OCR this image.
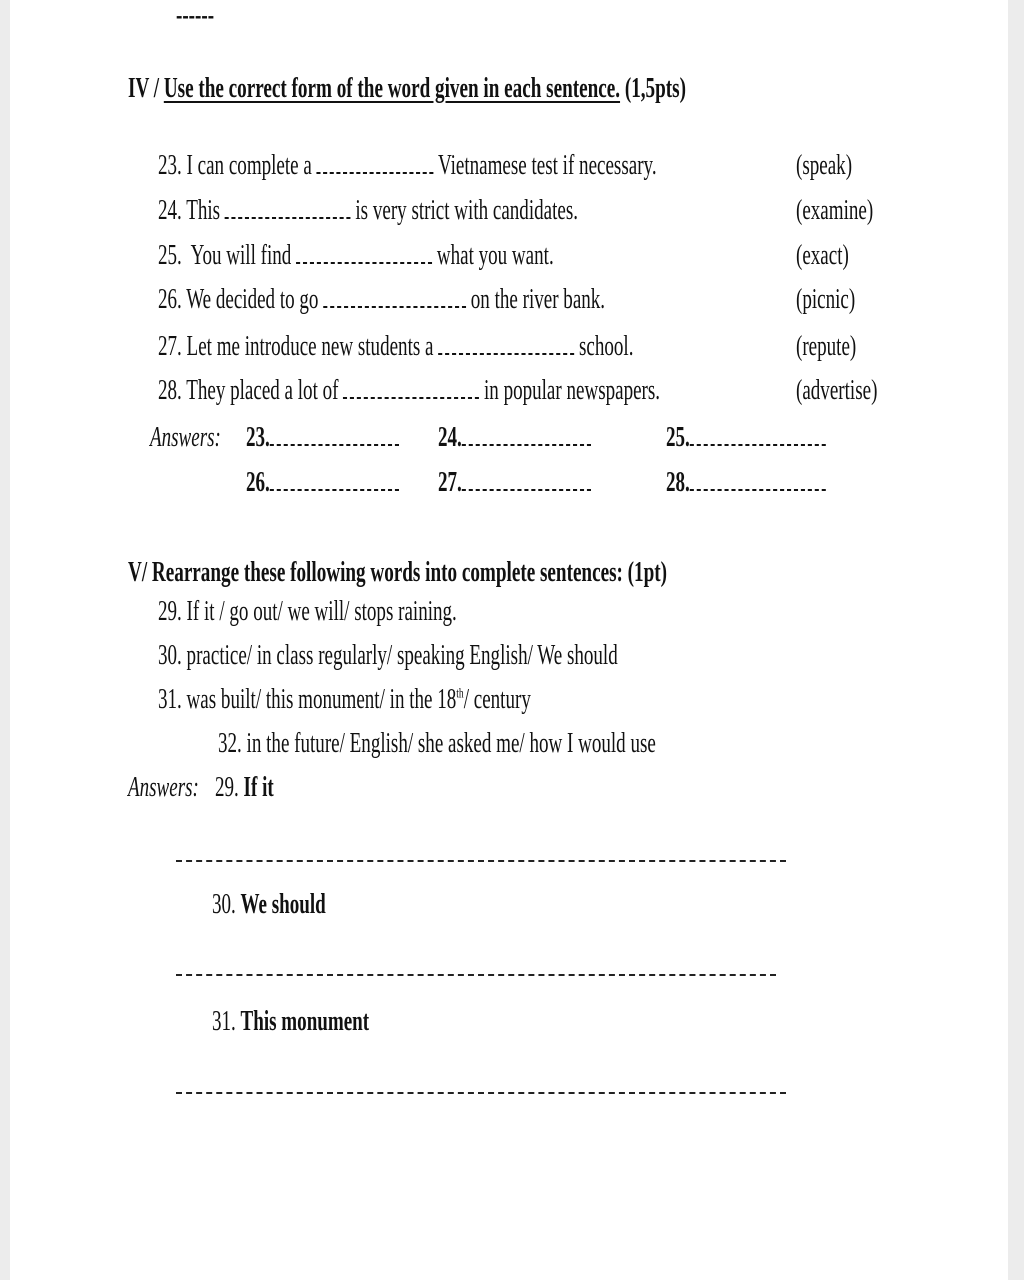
------
IV / Use the correct form of the word given in each sentence. (1,5pts)
23. I can complete a	Vietnamese test if necessary.	(speak)
24. This	is very strict with candidates.	(examine)
25. You will find	what you want.	(exact)
26. We decided to go	on the river bank.	(picnic)
27. Let me introduce new students a	school.	(repute)
28. They placed a lot of	in popular newspapers.	(advertise)
Answers: 23.	24.	25.
26.	27.	28.
V/ Rearrange these following words into complete sentences: (1pt)
29. If it / go out/ we will/ stops raining.
30. practice/ in class regularly/ speaking English/ We should
31. was built/ this monument/ in the 18th/ century
32. in the future/ English/ she asked me/ how I would use
Answers: 29. If it
30. We should
31. This monument
